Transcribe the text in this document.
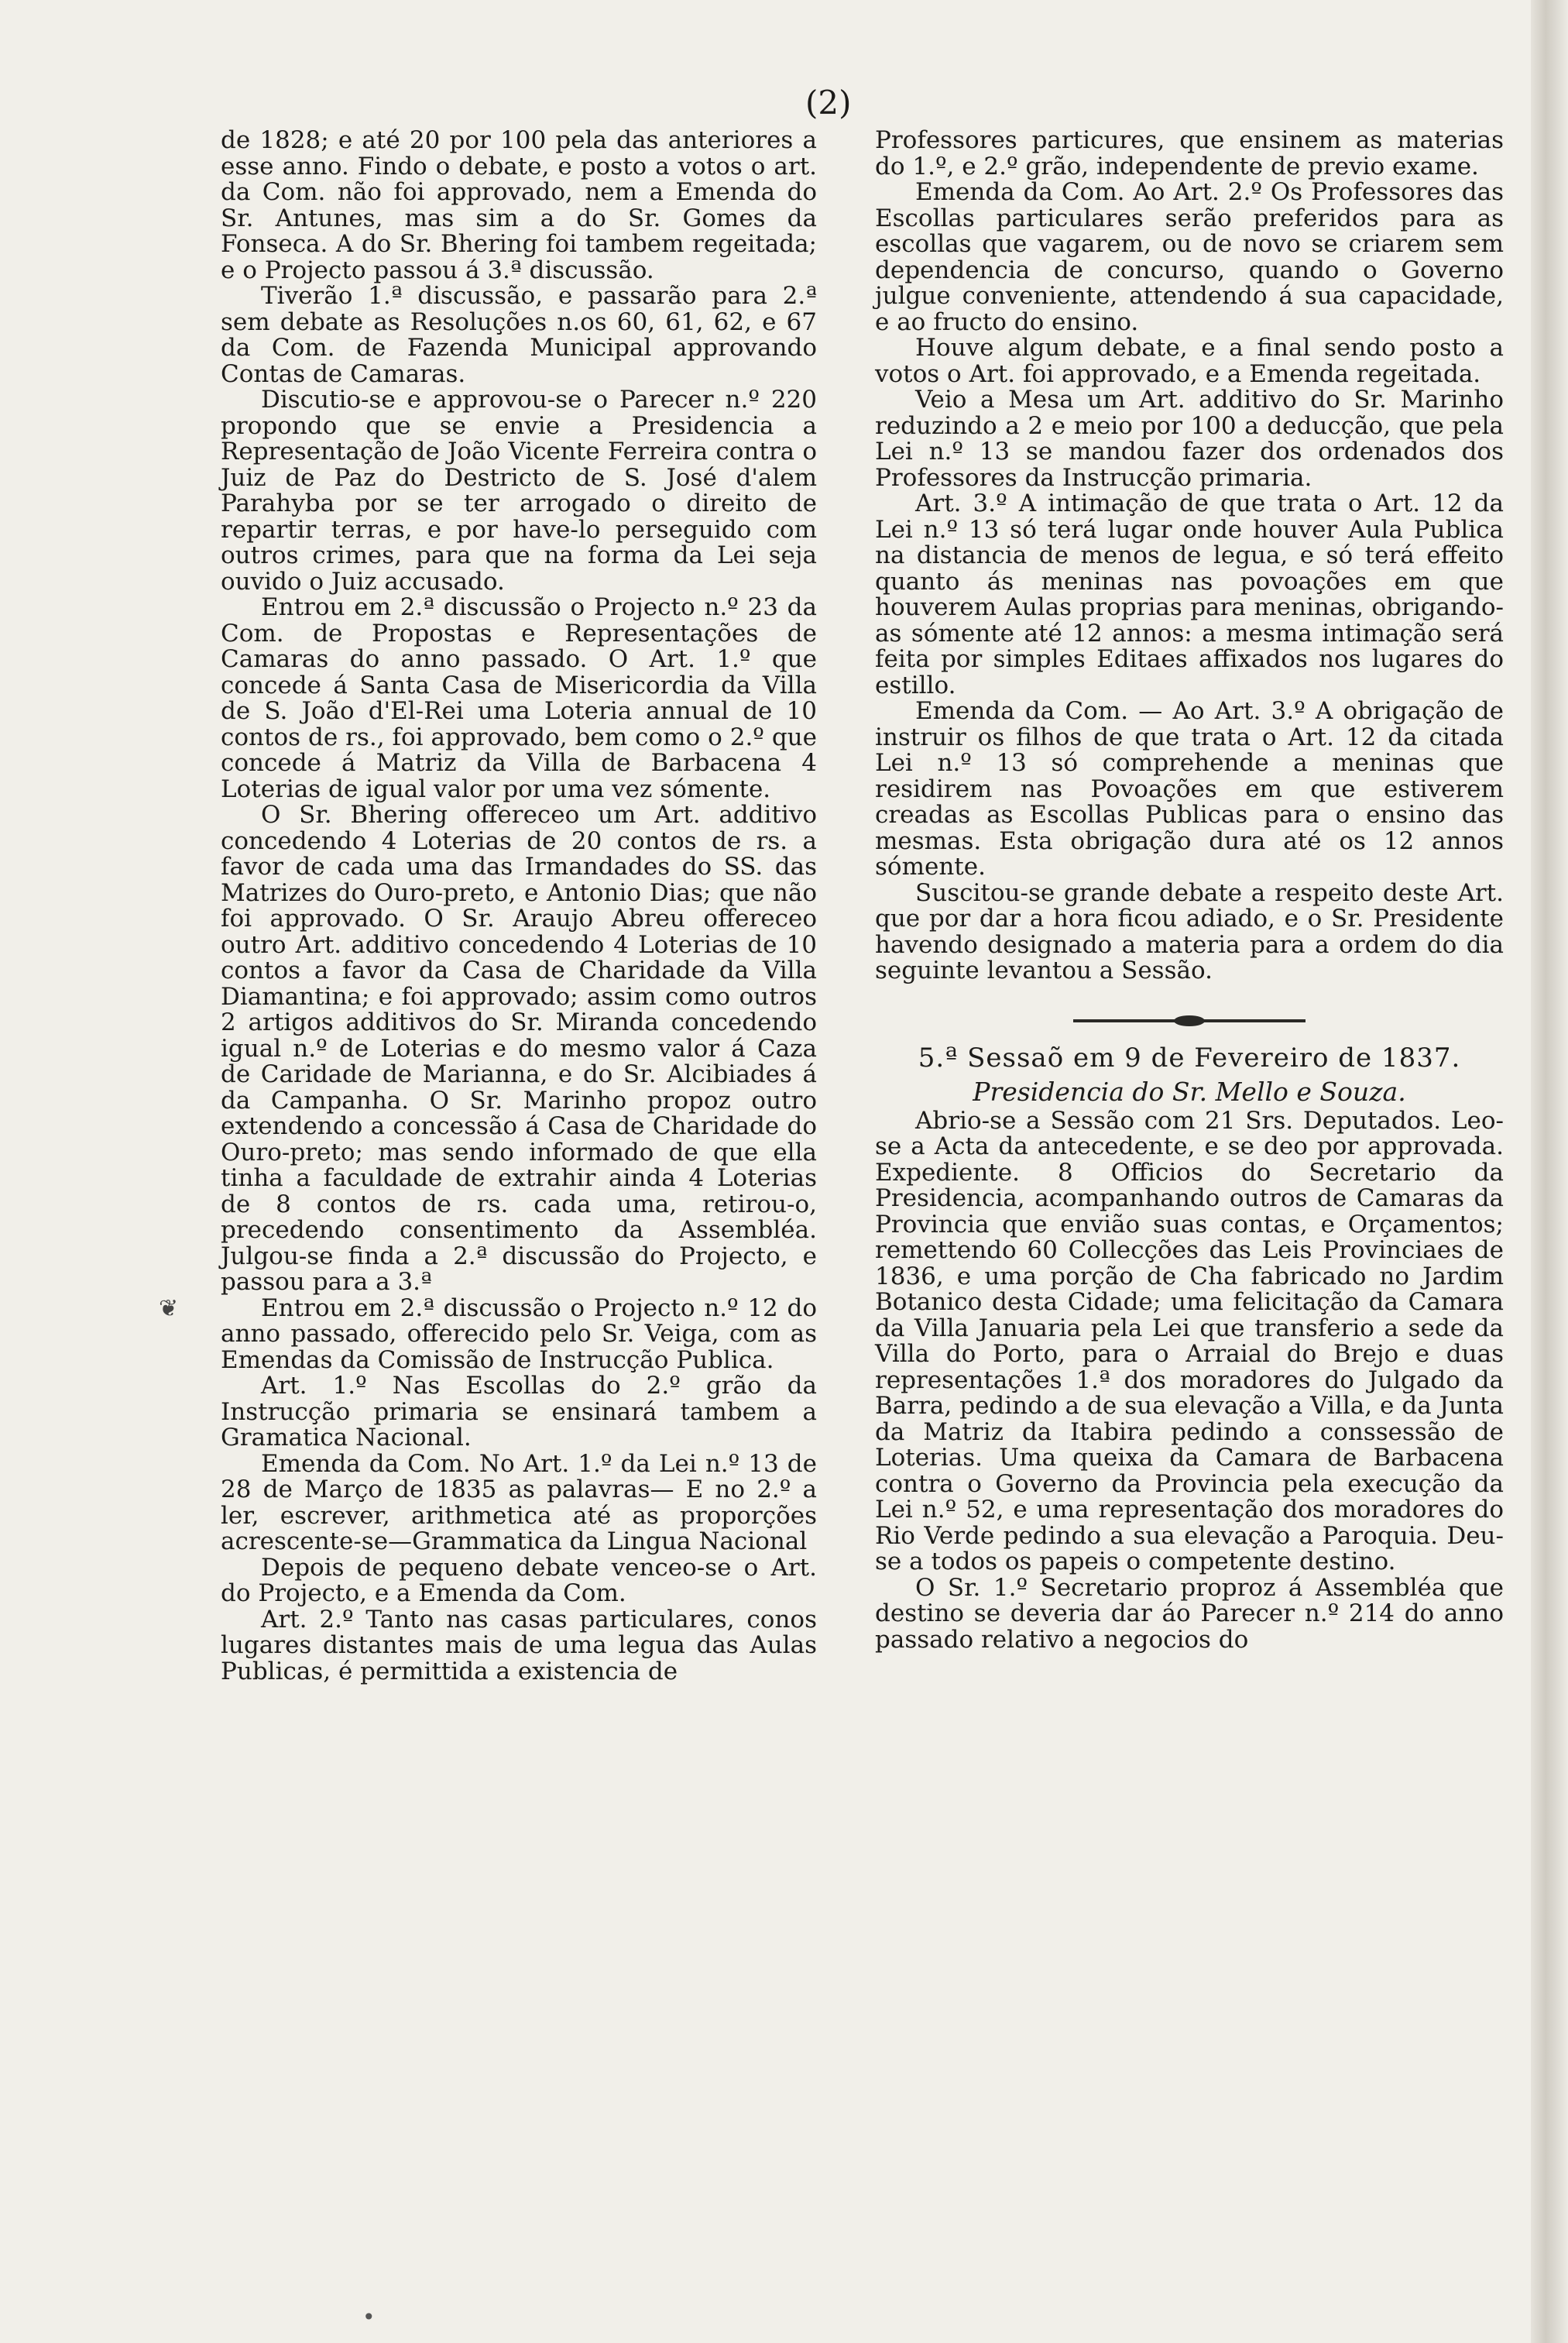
(2)

de 1828; e até 20 por 100 pela das anteriores a esse anno. Findo o debate, e posto a votos o art. da Com. não foi approvado, nem a Emenda do Sr. Antunes, mas sim a do Sr. Gomes da Fonseca. A do Sr. Bhering foi tambem regeitada; e o Projecto passou á 3.ª discussão.

Tiverão 1.ª discussão, e passarão para 2.ª sem debate as Resoluções n.os 60, 61, 62, e 67 da Com. de Fazenda Municipal approvando Contas de Camaras.

Discutio-se e approvou-se o Parecer n.º 220 propondo que se envie a Presidencia a Representação de João Vicente Ferreira contra o Juiz de Paz do Destricto de S. José d'alem Parahyba por se ter arrogado o direito de repartir terras, e por have-lo perseguido com outros crimes, para que na forma da Lei seja ouvido o Juiz accusado.

Entrou em 2.ª discussão o Projecto n.º 23 da Com. de Propostas e Representações de Camaras do anno passado. O Art. 1.º que concede á Santa Casa de Misericordia da Villa de S. João d'El-Rei uma Loteria annual de 10 contos de rs., foi approvado, bem como o 2.º que concede á Matriz da Villa de Barbacena 4 Loterias de igual valor por uma vez sómente.

O Sr. Bhering offereceo um Art. additivo concedendo 4 Loterias de 20 contos de rs. a favor de cada uma das Irmandades do SS. das Matrizes do Ouro-preto, e Antonio Dias; que não foi approvado. O Sr. Araujo Abreu offereceo outro Art. additivo concedendo 4 Loterias de 10 contos a favor da Casa de Charidade da Villa Diamantina; e foi approvado; assim como outros 2 artigos additivos do Sr. Miranda concedendo igual n.º de Loterias e do mesmo valor á Caza de Caridade de Marianna, e do Sr. Alcibiades á da Campanha. O Sr. Marinho propoz outro extendendo a concessão á Casa de Charidade do Ouro-preto; mas sendo informado de que ella tinha a faculdade de extrahir ainda 4 Loterias de 8 contos de rs. cada uma, retirou-o, precedendo consentimento da Assembléa. Julgou-se finda a 2.ª discussão do Projecto, e passou para a 3.ª

Entrou em 2.ª discussão o Projecto n.º 12 do anno passado, offerecido pelo Sr. Veiga, com as Emendas da Comissão de Instrucção Publica.

Art. 1.º Nas Escollas do 2.º grão da Instrucção primaria se ensinará tambem a Gramatica Nacional.

Emenda da Com. No Art. 1.º da Lei n.º 13 de 28 de Março de 1835 as palavras— E no 2.º a ler, escrever, arithmetica até as proporções acrescente-se—Grammatica da Lingua Nacional

Depois de pequeno debate venceo-se o Art. do Projecto, e a Emenda da Com.

Art. 2.º Tanto nas casas particulares, conos lugares distantes mais de uma legua das Aulas Publicas, é permittida a existencia de

Professores particures, que ensinem as materias do 1.º, e 2.º grão, independente de previo exame.

Emenda da Com. Ao Art. 2.º Os Professores das Escollas particulares serão preferidos para as escollas que vagarem, ou de novo se criarem sem dependencia de concurso, quando o Governo julgue conveniente, attendendo á sua capacidade, e ao fructo do ensino.

Houve algum debate, e a final sendo posto a votos o Art. foi approvado, e a Emenda regeitada.

Veio a Mesa um Art. additivo do Sr. Marinho reduzindo a 2 e meio por 100 a deducção, que pela Lei n.º 13 se mandou fazer dos ordenados dos Professores da Instrucção primaria.

Art. 3.º A intimação de que trata o Art. 12 da Lei n.º 13 só terá lugar onde houver Aula Publica na distancia de menos de legua, e só terá effeito quanto ás meninas nas povoações em que houverem Aulas proprias para meninas, obrigando-as sómente até 12 annos: a mesma intimação será feita por simples Editaes affixados nos lugares do estillo.

Emenda da Com. — Ao Art. 3.º A obrigação de instruir os filhos de que trata o Art. 12 da citada Lei n.º 13 só comprehende a meninas que residirem nas Povoações em que estiverem creadas as Escollas Publicas para o ensino das mesmas. Esta obrigação dura até os 12 annos sómente.

Suscitou-se grande debate a respeito deste Art. que por dar a hora ficou adiado, e o Sr. Presidente havendo designado a materia para a ordem do dia seguinte levantou a Sessão.

5.ª Sessaõ em 9 de Fevereiro de 1837.

Presidencia do Sr. Mello e Souza.

Abrio-se a Sessão com 21 Srs. Deputados. Leo-se a Acta da antecedente, e se deo por approvada. Expediente. 8 Officios do Secretario da Presidencia, acompanhando outros de Camaras da Provincia que envião suas contas, e Orçamentos; remettendo 60 Collecções das Leis Provinciaes de 1836, e uma porção de Cha fabricado no Jardim Botanico desta Cidade; uma felicitação da Camara da Villa Januaria pela Lei que transferio a sede da Villa do Porto, para o Arraial do Brejo e duas representações 1.ª dos moradores do Julgado da Barra, pedindo a de sua elevação a Villa, e da Junta da Matriz da Itabira pedindo a conssessão de Loterias. Uma queixa da Camara de Barbacena contra o Governo da Provincia pela execução da Lei n.º 52, e uma representação dos moradores do Rio Verde pedindo a sua elevação a Paroquia. Deu-se a todos os papeis o competente destino.

O Sr. 1.º Secretario proproz á Assembléa que destino se deveria dar áo Parecer n.º 214 do anno passado relativo a negocios do

❦
•
